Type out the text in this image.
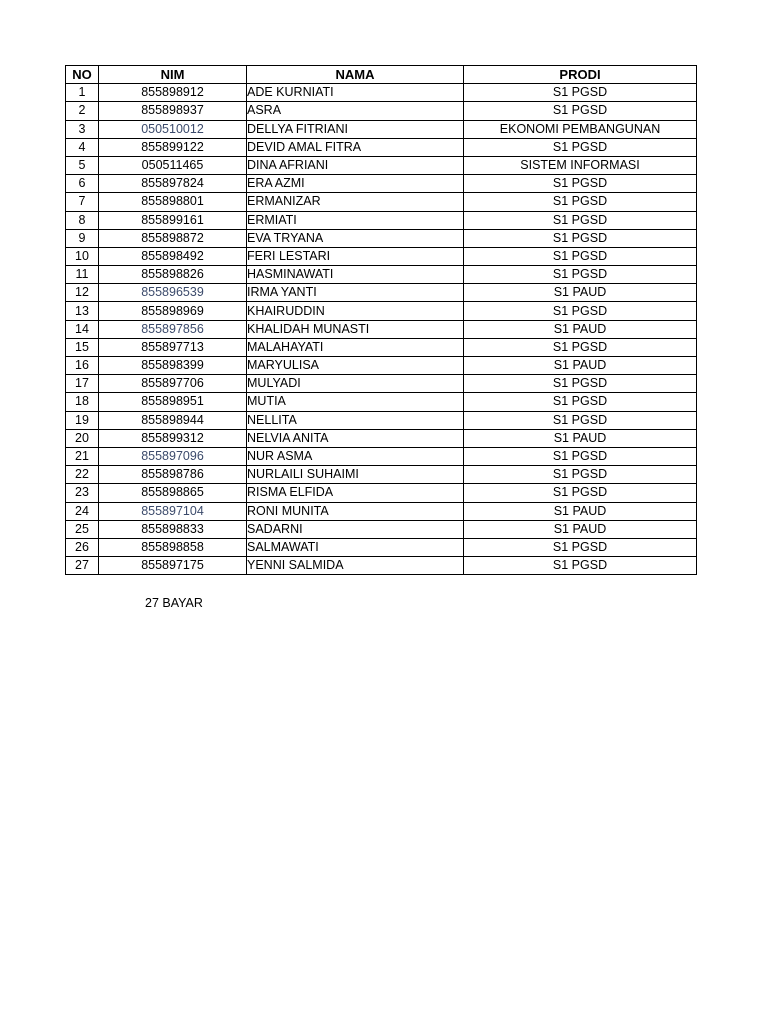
NO	NIM	NAMA	PRODI
1	855898912	ADE KURNIATI	S1 PGSD
2	855898937	ASRA	S1 PGSD
3	050510012	DELLYA FITRIANI	EKONOMI PEMBANGUNAN
4	855899122	DEVID AMAL FITRA	S1 PGSD
5	050511465	DINA AFRIANI	SISTEM INFORMASI
6	855897824	ERA AZMI	S1 PGSD
7	855898801	ERMANIZAR	S1 PGSD
8	855899161	ERMIATI	S1 PGSD
9	855898872	EVA TRYANA	S1 PGSD
10	855898492	FERI LESTARI	S1 PGSD
11	855898826	HASMINAWATI	S1 PGSD
12	855896539	IRMA YANTI	S1 PAUD
13	855898969	KHAIRUDDIN	S1 PGSD
14	855897856	KHALIDAH MUNASTI	S1 PAUD
15	855897713	MALAHAYATI	S1 PGSD
16	855898399	MARYULISA	S1 PAUD
17	855897706	MULYADI	S1 PGSD
18	855898951	MUTIA	S1 PGSD
19	855898944	NELLITA	S1 PGSD
20	855899312	NELVIA ANITA	S1 PAUD
21	855897096	NUR ASMA	S1 PGSD
22	855898786	NURLAILI SUHAIMI	S1 PGSD
23	855898865	RISMA ELFIDA	S1 PGSD
24	855897104	RONI MUNITA	S1 PAUD
25	855898833	SADARNI	S1 PAUD
26	855898858	SALMAWATI	S1 PGSD
27	855897175	YENNI SALMIDA	S1 PGSD
27 BAYAR
